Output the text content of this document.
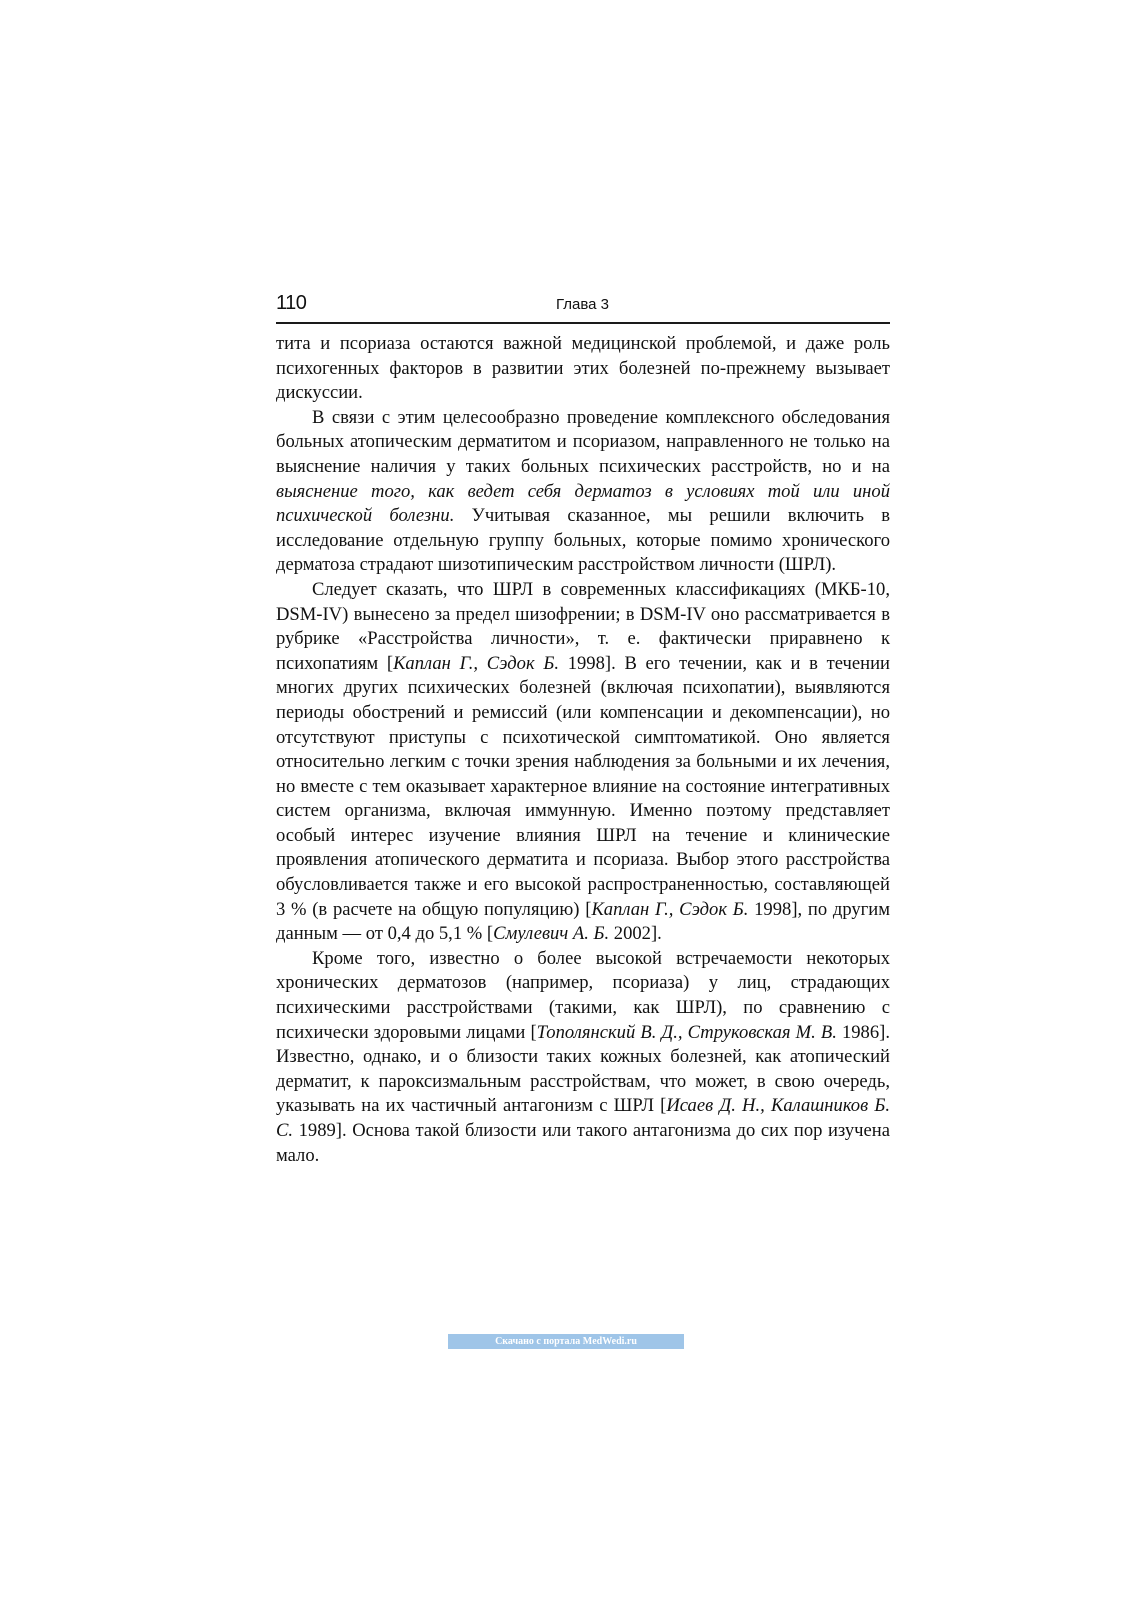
110	Глава 3

тита и псориаза остаются важной медицинской проблемой, и даже роль психогенных факторов в развитии этих болезней по-прежнему вызывает дискуссии.

В связи с этим целесообразно проведение комплексного обследования больных атопическим дерматитом и псориазом, направленного не только на выяснение наличия у таких больных психических расстройств, но и на выяснение того, как ведет себя дерматоз в условиях той или иной психической болезни. Учитывая сказанное, мы решили включить в исследование отдельную группу больных, которые помимо хронического дерматоза страдают шизотипическим расстройством личности (ШРЛ).

Следует сказать, что ШРЛ в современных классификациях (МКБ-10, DSM-IV) вынесено за предел шизофрении; в DSM-IV оно рассматривается в рубрике «Расстройства личности», т. е. фактически приравнено к психопатиям [Каплан Г., Сэдок Б. 1998]. В его течении, как и в течении многих других психических болезней (включая психопатии), выявляются периоды обострений и ремиссий (или компенсации и декомпенсации), но отсутствуют приступы с психотической симптоматикой. Оно является относительно легким с точки зрения наблюдения за больными и их лечения, но вместе с тем оказывает характерное влияние на состояние интегративных систем организма, включая иммунную. Именно поэтому представляет особый интерес изучение влияния ШРЛ на течение и клинические проявления атопического дерматита и псориаза. Выбор этого расстройства обусловливается также и его высокой распространенностью, составляющей 3 % (в расчете на общую популяцию) [Каплан Г., Сэдок Б. 1998], по другим данным — от 0,4 до 5,1 % [Смулевич А. Б. 2002].

Кроме того, известно о более высокой встречаемости некоторых хронических дерматозов (например, псориаза) у лиц, страдающих психическими расстройствами (такими, как ШРЛ), по сравнению с психически здоровыми лицами [Тополянский В. Д., Струковская М. В. 1986]. Известно, однако, и о близости таких кожных болезней, как атопический дерматит, к пароксизмальным расстройствам, что может, в свою очередь, указывать на их частичный антагонизм с ШРЛ [Исаев Д. Н., Калашников Б. С. 1989]. Основа такой близости или такого антагонизма до сих пор изучена мало.

Скачано с портала MedWedi.ru
